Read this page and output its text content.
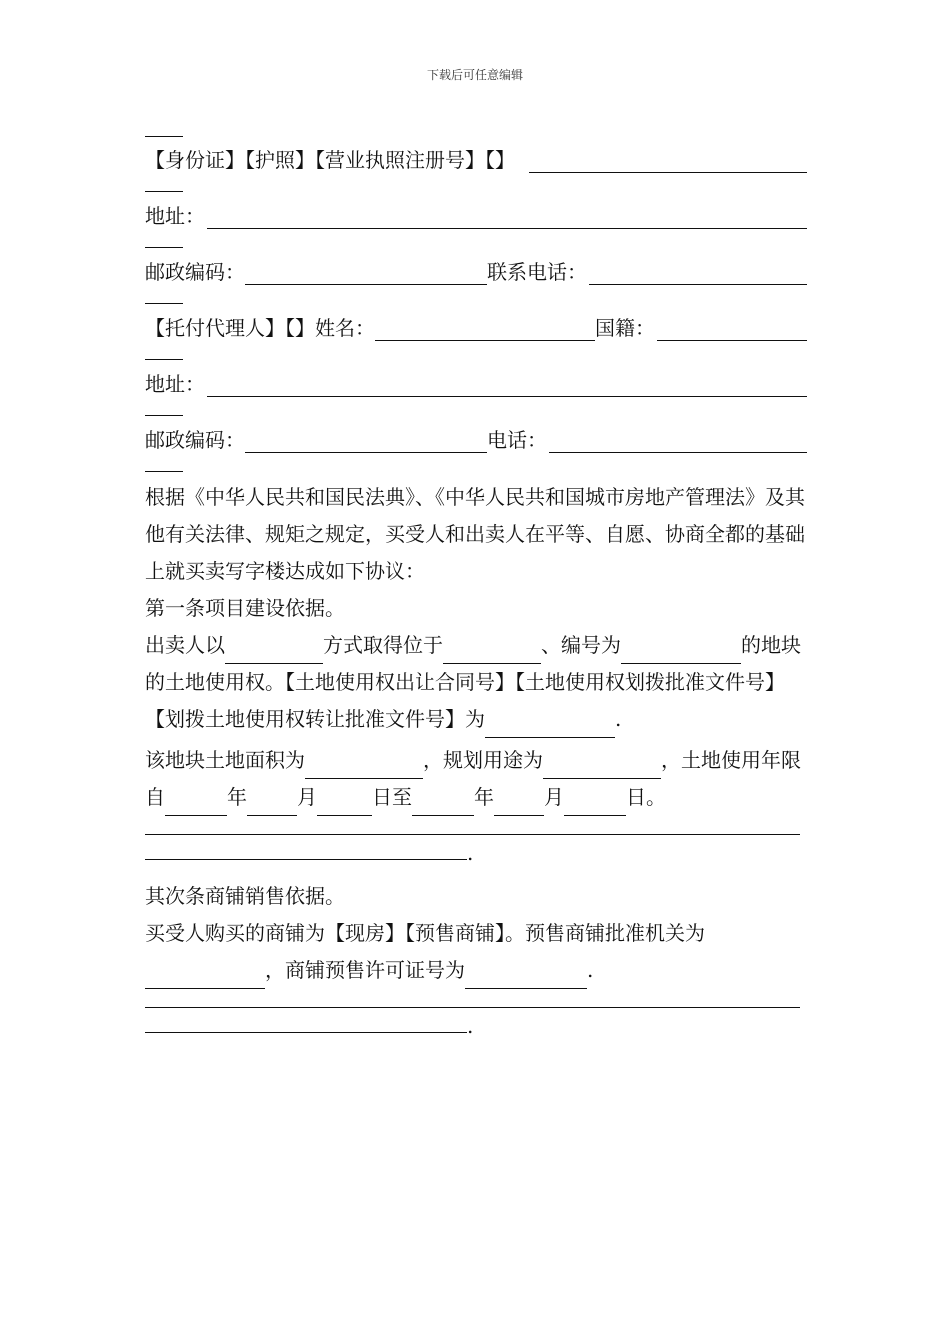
下载后可任意编辑
【身份证】【护照】【营业执照注册号】【】
地址：
邮政编码：	联系电话：
【托付代理人】【】姓名：	国籍：
地址：
邮政编码：	电话：

根据《中华人民共和国民法典》、《中华人民共和国城市房地产管理法》及其他有关法律、规矩之规定，买受人和出卖人在平等、自愿、协商全都的基础上就买卖写字楼达成如下协议：

第一条项目建设依据。

出卖人以	方式取得位于	、编号为	的地块的土地使用权。【土地使用权出让合同号】【土地使用权划拨批准文件号】【划拨土地使用权转让批准文件号】为	.

该地块土地面积为	，规划用途为	，土地使用年限自	年	月	日至	年	月	日。

.
其次条商铺销售依据。

买受人购买的商铺为【现房】【预售商铺】。预售商铺批准机关为，商铺预售许可证号为	.

.
